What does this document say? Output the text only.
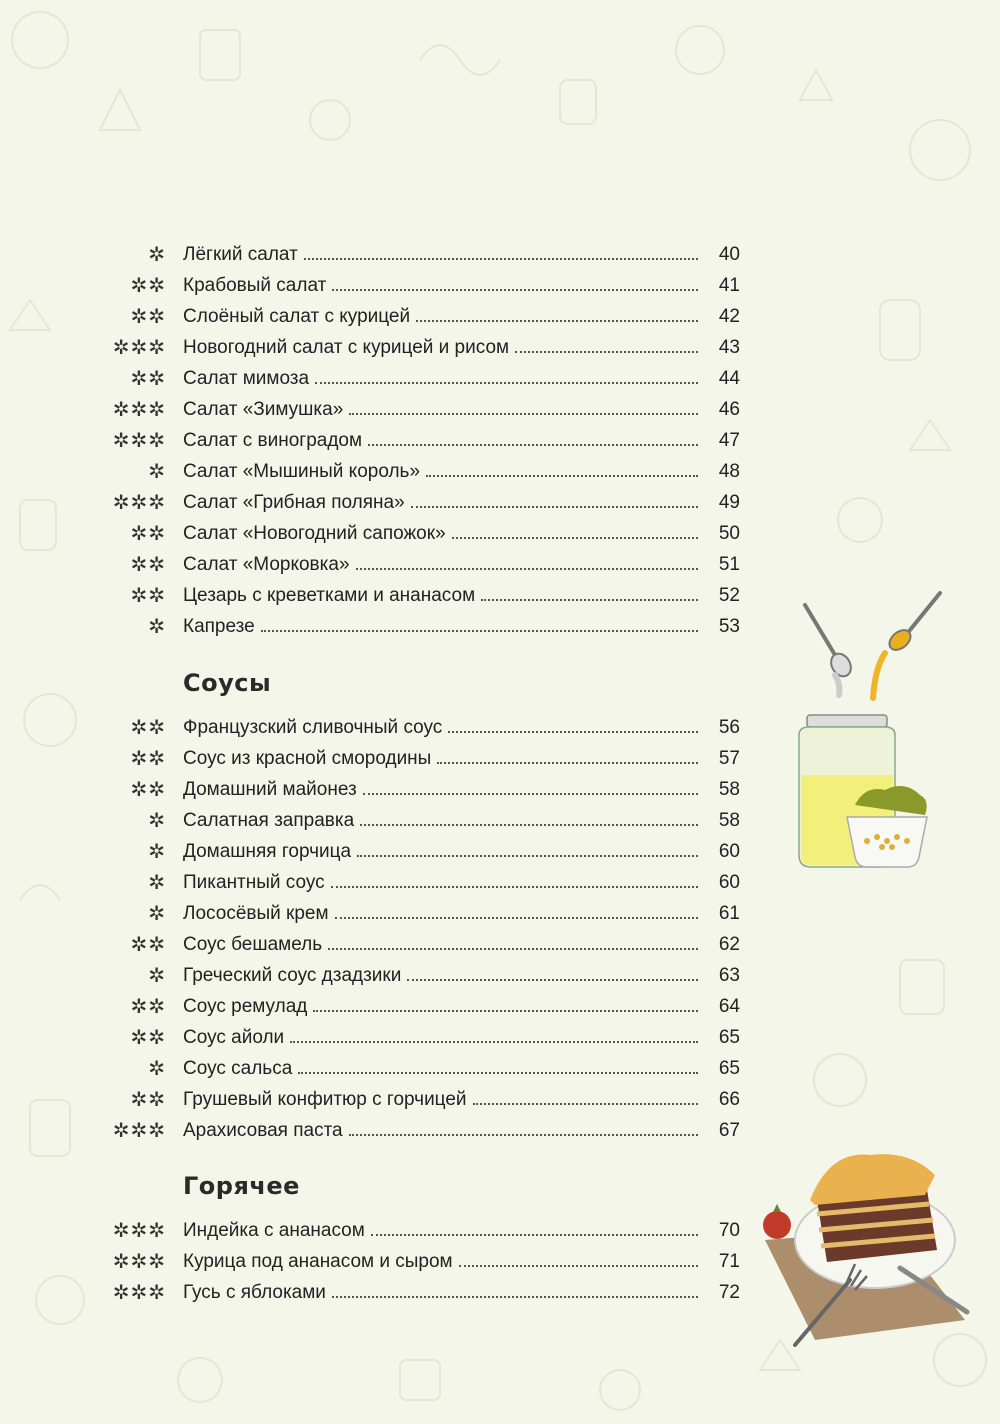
✲ Лёгкий салат	40
✲✲ Крабовый салат	41
✲✲ Слоёный салат с курицей	42
✲✲✲ Новогодний салат с курицей и рисом	43
✲✲ Салат мимоза	44
✲✲✲ Салат «Зимушка»	46
✲✲✲ Салат с виноградом	47
✲ Салат «Мышиный король»	48
✲✲✲ Салат «Грибная поляна»	49
✲✲ Салат «Новогодний сапожок»	50
✲✲ Салат «Морковка»	51
✲✲ Цезарь с креветками и ананасом	52
✲ Капрезе	53
Соусы
✲✲ Французский сливочный соус	56
✲✲ Соус из красной смородины	57
✲✲ Домашний майонез	58
✲ Салатная заправка	58
✲ Домашняя горчица	60
✲ Пикантный соус	60
✲ Лососёвый крем	61
✲✲ Соус бешамель	62
✲ Греческий соус дзадзики	63
✲✲ Соус ремулад	64
✲✲ Соус айоли	65
✲ Соус сальса	65
✲✲ Грушевый конфитюр с горчицей	66
✲✲✲ Арахисовая паста	67
Горячее
✲✲✲ Индейка с ананасом	70
✲✲✲ Курица под ананасом и сыром	71
✲✲✲ Гусь с яблоками	72
